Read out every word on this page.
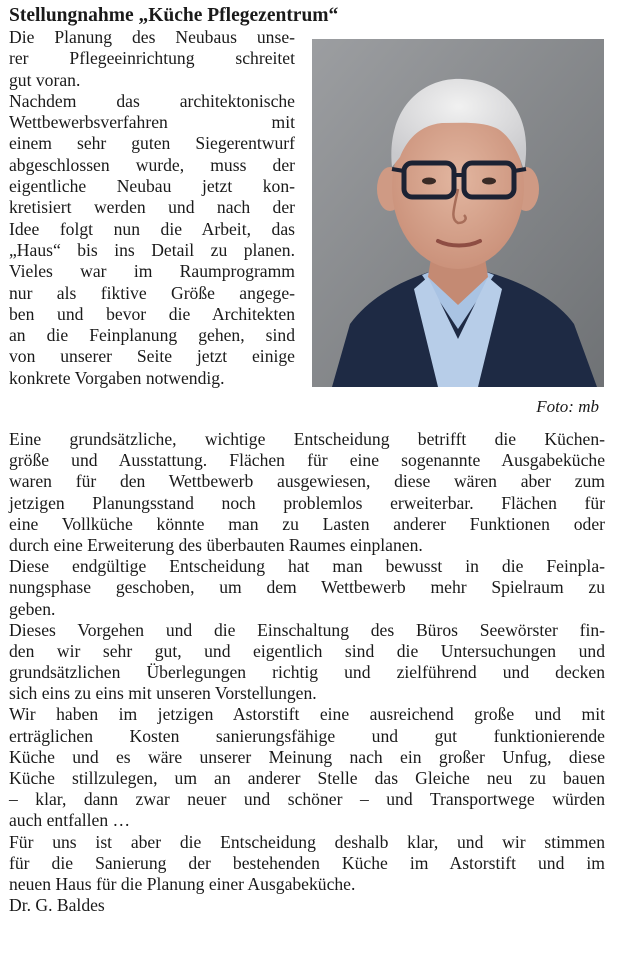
Stellungnahme „Küche Pflegezentrum“
Die Planung des Neubaus unse-
rer Pflegeeinrichtung schreitet
gut voran.
Nachdem das architektonische
Wettbewerbsverfahren mit
einem sehr guten Siegerentwurf
abgeschlossen wurde, muss der
eigentliche Neubau jetzt kon-
kretisiert werden und nach der
Idee folgt nun die Arbeit, das
„Haus“ bis ins Detail zu planen.
Vieles war im Raumprogramm
nur als fiktive Größe angege-
ben und bevor die Architekten
an die Feinplanung gehen, sind
von unserer Seite jetzt einige
konkrete Vorgaben notwendig.
Foto: mb
Eine grundsätzliche, wichtige Entscheidung betrifft die Küchen-
größe und Ausstattung. Flächen für eine sogenannte Ausgabeküche
waren für den Wettbewerb ausgewiesen, diese wären aber zum
jetzigen Planungsstand noch problemlos erweiterbar. Flächen für
eine Vollküche könnte man zu Lasten anderer Funktionen oder
durch eine Erweiterung des überbauten Raumes einplanen.
Diese endgültige Entscheidung hat man bewusst in die Feinpla-
nungsphase geschoben, um dem Wettbewerb mehr Spielraum zu
geben.
Dieses Vorgehen und die Einschaltung des Büros Seewörster fin-
den wir sehr gut, und eigentlich sind die Untersuchungen und
grundsätzlichen Überlegungen richtig und zielführend und decken
sich eins zu eins mit unseren Vorstellungen.
Wir haben im jetzigen Astorstift eine ausreichend große und mit
erträglichen Kosten sanierungsfähige und gut funktionierende
Küche und es wäre unserer Meinung nach ein großer Unfug, diese
Küche stillzulegen, um an anderer Stelle das Gleiche neu zu bauen
– klar, dann zwar neuer und schöner – und Transportwege würden
auch entfallen …
Für uns ist aber die Entscheidung deshalb klar, und wir stimmen
für die Sanierung der bestehenden Küche im Astorstift und im
neuen Haus für die Planung einer Ausgabeküche.
Dr. G. Baldes
